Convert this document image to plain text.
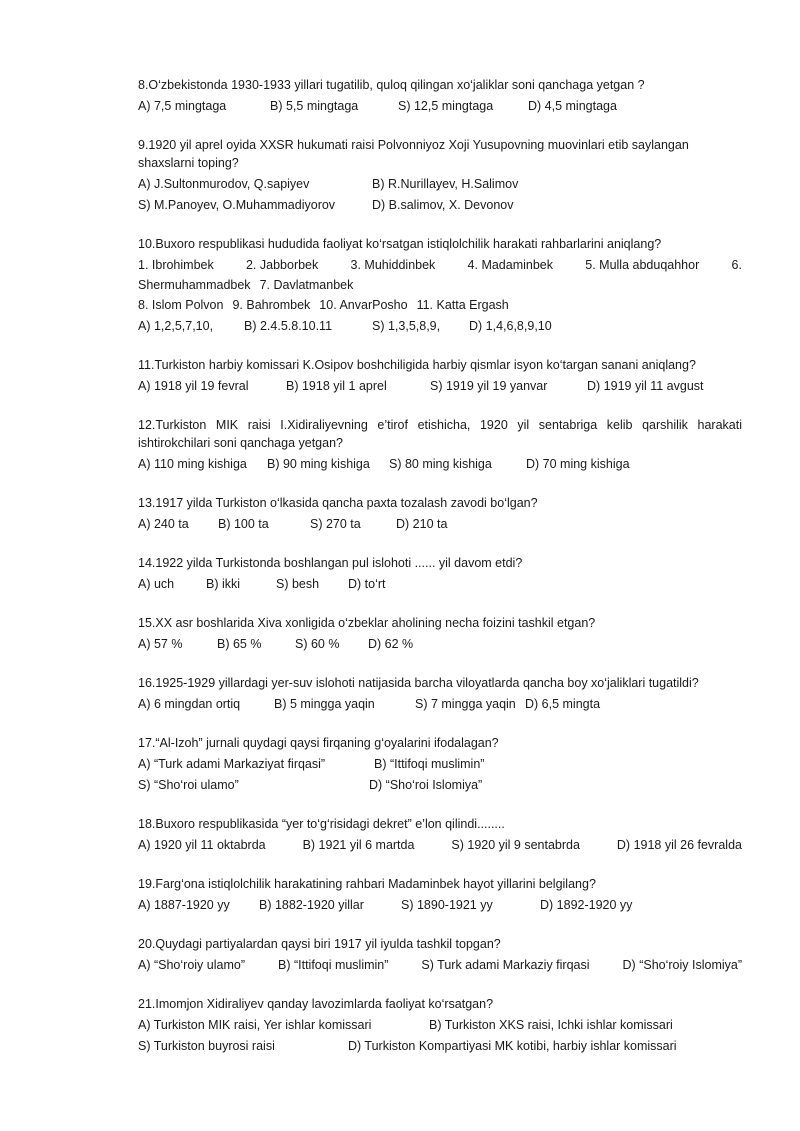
8.O‘zbekistonda 1930-1933 yillari tugatilib, quloq qilingan xo‘jaliklar soni qanchaga yetgan ?

A) 7,5 mingtaga	B) 5,5 mingtaga	S) 12,5 mingtaga	D) 4,5 mingtaga

9.1920 yil aprel oyida XXSR hukumati raisi Polvonniyoz Xoji Yusupovning muovinlari etib saylangan shaxslarni toping?

A) J.Sultonmurodov, Q.sapiyev	B) R.Nurillayev, H.Salimov
S) M.Panoyev, O.Muhammadiyorov	D) B.salimov, X. Devonov

10.Buxoro respublikasi hududida faoliyat ko‘rsatgan istiqlolchilik harakati rahbarlarini aniqlang?

1. Ibrohimbek	2. Jabborbek	3. Muhiddinbek	4. Madaminbek	5. Mulla abduqahhor	6.
Shermuhammadbek 7. Davlatmanbek
8. Islom Polvon 9. Bahrombek 10. AnvarPosho 11. Katta Ergash
A) 1,2,5,7,10, B) 2.4.5.8.10.11	S) 1,3,5,8,9, D) 1,4,6,8,9,10

11.Turkiston harbiy komissari K.Osipov boshchiligida harbiy qismlar isyon ko‘targan sanani aniqlang?

A) 1918 yil 19 fevral	B) 1918 yil 1 aprel	S) 1919 yil 19 yanvar	D) 1919 yil 11 avgust

12.Turkiston MIK raisi I.Xidiraliyevning e’tirof etishicha, 1920 yil sentabriga kelib qarshilik harakati ishtirokchilari soni qanchaga yetgan?

A) 110 ming kishiga B) 90 ming kishiga S) 80 ming kishiga	D) 70 ming kishiga

13.1917 yilda Turkiston o‘lkasida qancha paxta tozalash zavodi bo‘lgan?

A) 240 ta B) 100 ta	S) 270 ta	D) 210 ta

14.1922 yilda Turkistonda boshlangan pul islohoti ...... yil davom etdi?

A) uch	B) ikki	S) besh D) to‘rt

15.XX asr boshlarida Xiva xonligida o‘zbeklar aholining necha foizini tashkil etgan?

A) 57 %	B) 65 %	S) 60 % D) 62 %

16.1925-1929 yillardagi yer-suv islohoti natijasida barcha viloyatlarda qancha boy xo‘jaliklari tugatildi?

A) 6 mingdan ortiq	B) 5 mingga yaqin	S) 7 mingga yaqin D) 6,5 mingta

17.“Al-Izoh” jurnali quydagi qaysi firqaning g‘oyalarini ifodalagan?

A) “Turk adami Markaziyat firqasi”	B) “Ittifoqi muslimin”
S) “Sho‘roi ulamo”	D) “Sho‘roi Islomiya”

18.Buxoro respublikasida “yer to‘g‘risidagi dekret” e’lon qilindi........

A) 1920 yil 11 oktabrda	B) 1921 yil 6 martda	S) 1920 yil 9 sentabrda	D) 1918 yil 26 fevralda

19.Farg‘ona istiqlolchilik harakatining rahbari Madaminbek hayot yillarini belgilang?

A) 1887-1920 yy B) 1882-1920 yillar	S) 1890-1921 yy	D) 1892-1920 yy

20.Quydagi partiyalardan qaysi biri 1917 yil iyulda tashkil topgan?

A) “Sho‘roiy ulamo”	B) “Ittifoqi muslimin”	S) Turk adami Markaziy firqasi	D) “Sho‘roiy Islomiya”

21.Imomjon Xidiraliyev qanday lavozimlarda faoliyat ko‘rsatgan?

A) Turkiston MIK raisi, Yer ishlar komissari	B) Turkiston XKS raisi, Ichki ishlar komissari
S) Turkiston buyrosi raisi	D) Turkiston Kompartiyasi MK kotibi, harbiy ishlar komissari
